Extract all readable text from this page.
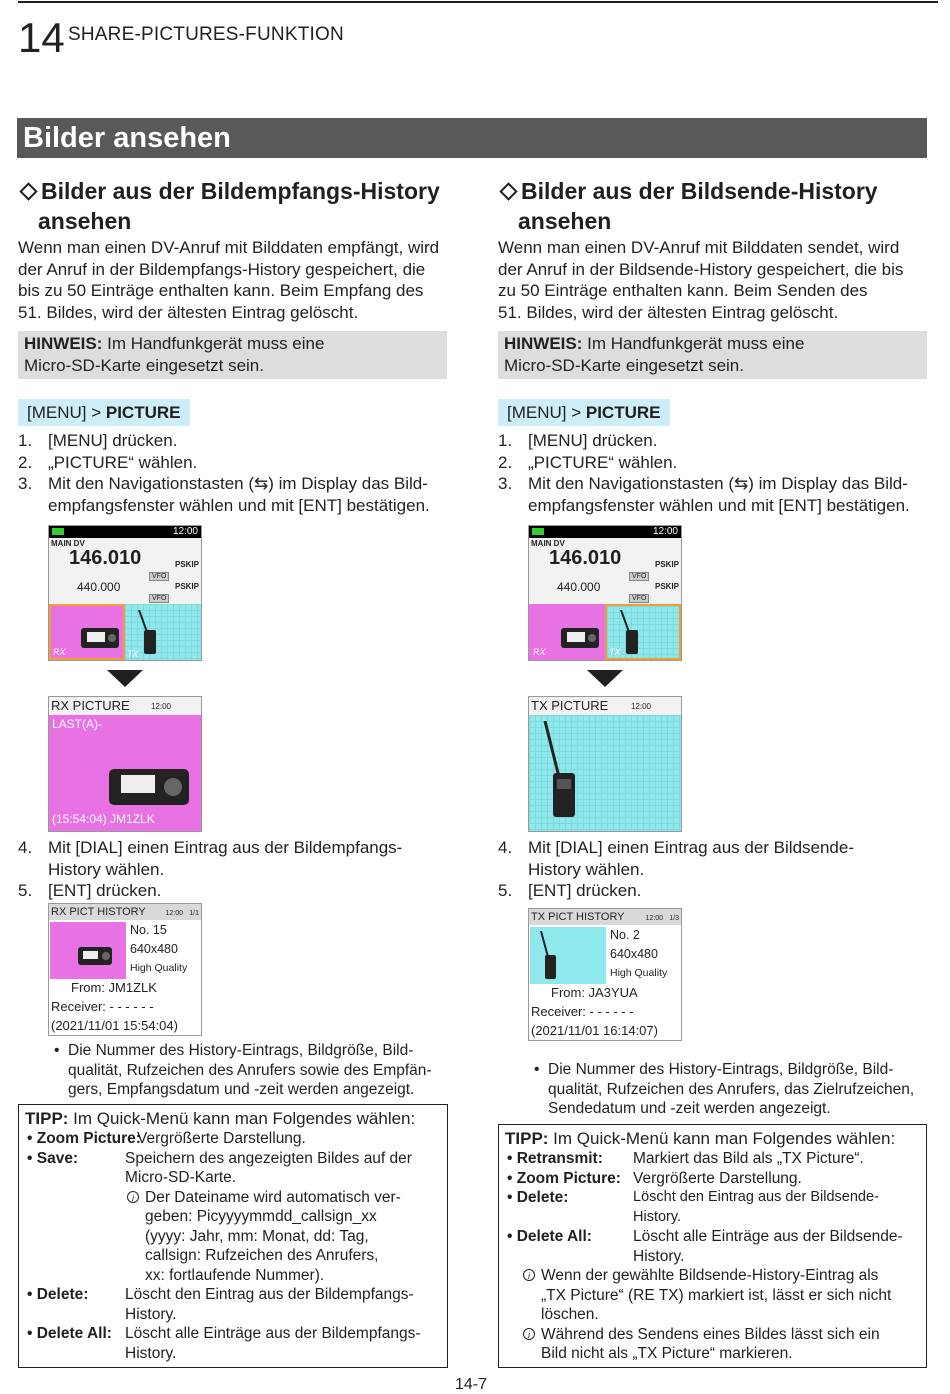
14 SHARE-PICTURES-FUNKTION
Bilder ansehen
Bilder aus der Bildempfangs-History
ansehen
Wenn man einen DV-Anruf mit Bilddaten empfängt, wird
der Anruf in der Bildempfangs-History gespeichert, die
bis zu 50 Einträge enthalten kann. Beim Empfang des
51. Bildes, wird der ältesten Eintrag gelöscht.
HINWEIS: Im Handfunkgerät muss eine
Micro-SD-Karte eingesetzt sein.
[MENU] > PICTURE
1. [MENU] drücken.
2. „PICTURE“ wählen.
3. Mit den Navigationstasten (⇆) im Display das Bild-
empfangsfenster wählen und mit [ENT] bestätigen.
12:00
MAIN DV
146.010	PSKIP
VFO
440.000	PSKIP
VFO
RX	TX
RX PICTURE	12:00
LAST(A)-
(15:54:04) JM1ZLK
4. Mit [DIAL] einen Eintrag aus der Bildempfangs-
History wählen.
5. [ENT] drücken.
RX PICT HISTORY	12:00 1/1
No. 15
640x480
High Quality
From: JM1ZLK
Receiver: - - - - - -
(2021/11/01 15:54:04)
• Die Nummer des History-Eintrags, Bildgröße, Bild-
qualität, Rufzeichen des Anrufers sowie des Empfän-
gers, Empfangsdatum und -zeit werden angezeigt.
TIPP: Im Quick-Menü kann man Folgendes wählen:
• Zoom Picture:
Vergrößerte Darstellung.
• Save:	Speichern des angezeigten Bildes auf der
Micro-SD-Karte.
i Der Dateiname wird automatisch ver-
geben: Picyyyymmdd_callsign_xx
(yyyy: Jahr, mm: Monat, dd: Tag,
callsign: Rufzeichen des Anrufers,
xx: fortlaufende Nummer).
• Delete: Löscht den Eintrag aus der Bildempfangs-
History.
• Delete All: Löscht alle Einträge aus der Bildempfangs-
History.
Bilder aus der Bildsende-History
ansehen
Wenn man einen DV-Anruf mit Bilddaten sendet, wird
der Anruf in der Bildsende-History gespeichert, die bis
zu 50 Einträge enthalten kann. Beim Senden des
51. Bildes, wird der ältesten Eintrag gelöscht.
HINWEIS: Im Handfunkgerät muss eine
Micro-SD-Karte eingesetzt sein.
[MENU] > PICTURE
1. [MENU] drücken.
2. „PICTURE“ wählen.
3. Mit den Navigationstasten (⇆) im Display das Bild-
empfangsfenster wählen und mit [ENT] bestätigen.
12:00
MAIN DV
146.010	PSKIP
VFO
440.000	PSKIP
VFO
RX	TX
TX PICTURE	12:00
4. Mit [DIAL] einen Eintrag aus der Bildsende-
History wählen.
5. [ENT] drücken.
TX PICT HISTORY	12:00 1/3
No. 2
640x480
High Quality
From: JA3YUA
Receiver: - - - - - -
(2021/11/01 16:14:07)
• Die Nummer des History-Eintrags, Bildgröße, Bild-
qualität, Rufzeichen des Anrufers, das Zielrufzeichen,
Sendedatum und -zeit werden angezeigt.
TIPP: Im Quick-Menü kann man Folgendes wählen:
• Retransmit:	Markiert das Bild als „TX Picture“.
• Zoom Picture: Vergrößerte Darstellung.
• Delete:	Löscht den Eintrag aus der Bildsende-
History.
• Delete All:	Löscht alle Einträge aus der Bildsende-
History.
i Wenn der gewählte Bildsende-History-Eintrag als
„TX Picture“ (RE TX) markiert ist, lässt er sich nicht
löschen.
i Während des Sendens eines Bildes lässt sich ein
Bild nicht als „TX Picture“ markieren.
14-7
